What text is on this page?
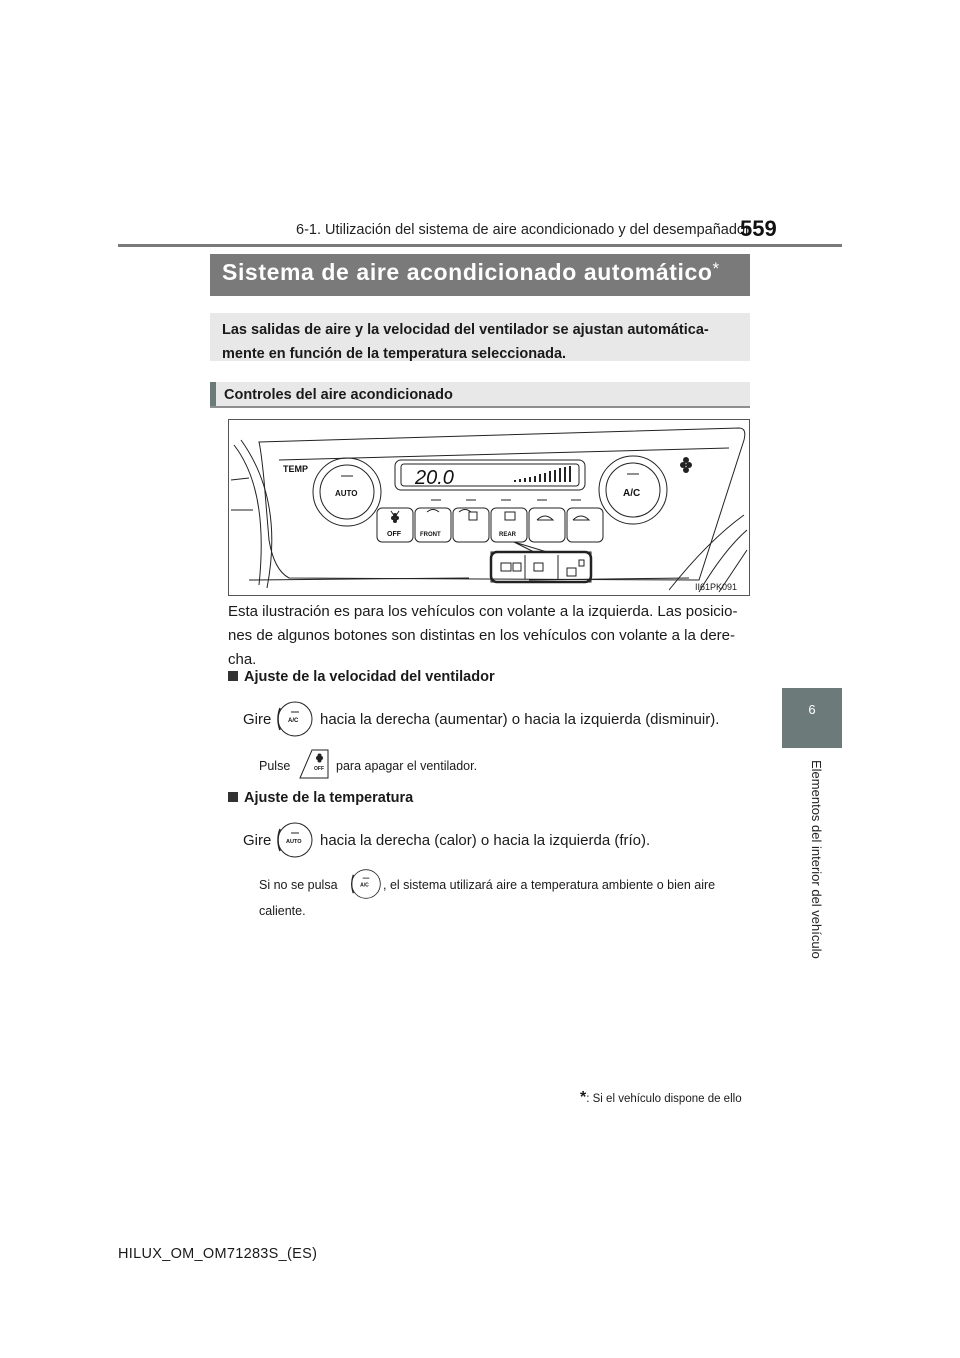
6-1. Utilización del sistema de aire acondicionado y del desempañador
559
6
Elementos del interior del vehículo
Sistema de aire acondicionado automático*
Las salidas de aire y la velocidad del ventilador se ajustan automática-
mente en función de la temperatura seleccionada.
Controles del aire acondicionado
20.0
TEMP
AUTO	A/C
OFF	FRONT	REAR
II61PK091
Esta ilustración es para los vehículos con volante a la izquierda. Las posicio-
nes de algunos botones son distintas en los vehículos con volante a la dere-
cha.
Ajuste de la velocidad del ventilador
Gire	A/C hacia la derecha (aumentar) o hacia la izquierda (disminuir).
Pulse	OFF para apagar el ventilador.
Ajuste de la temperatura
Gire	AUTO hacia la derecha (calor) o hacia la izquierda (frío).
Si no se pulsa	A/C , el sistema utilizará aire a temperatura ambiente o bien aire
caliente.
*: Si el vehículo dispone de ello
HILUX_OM_OM71283S_(ES)
